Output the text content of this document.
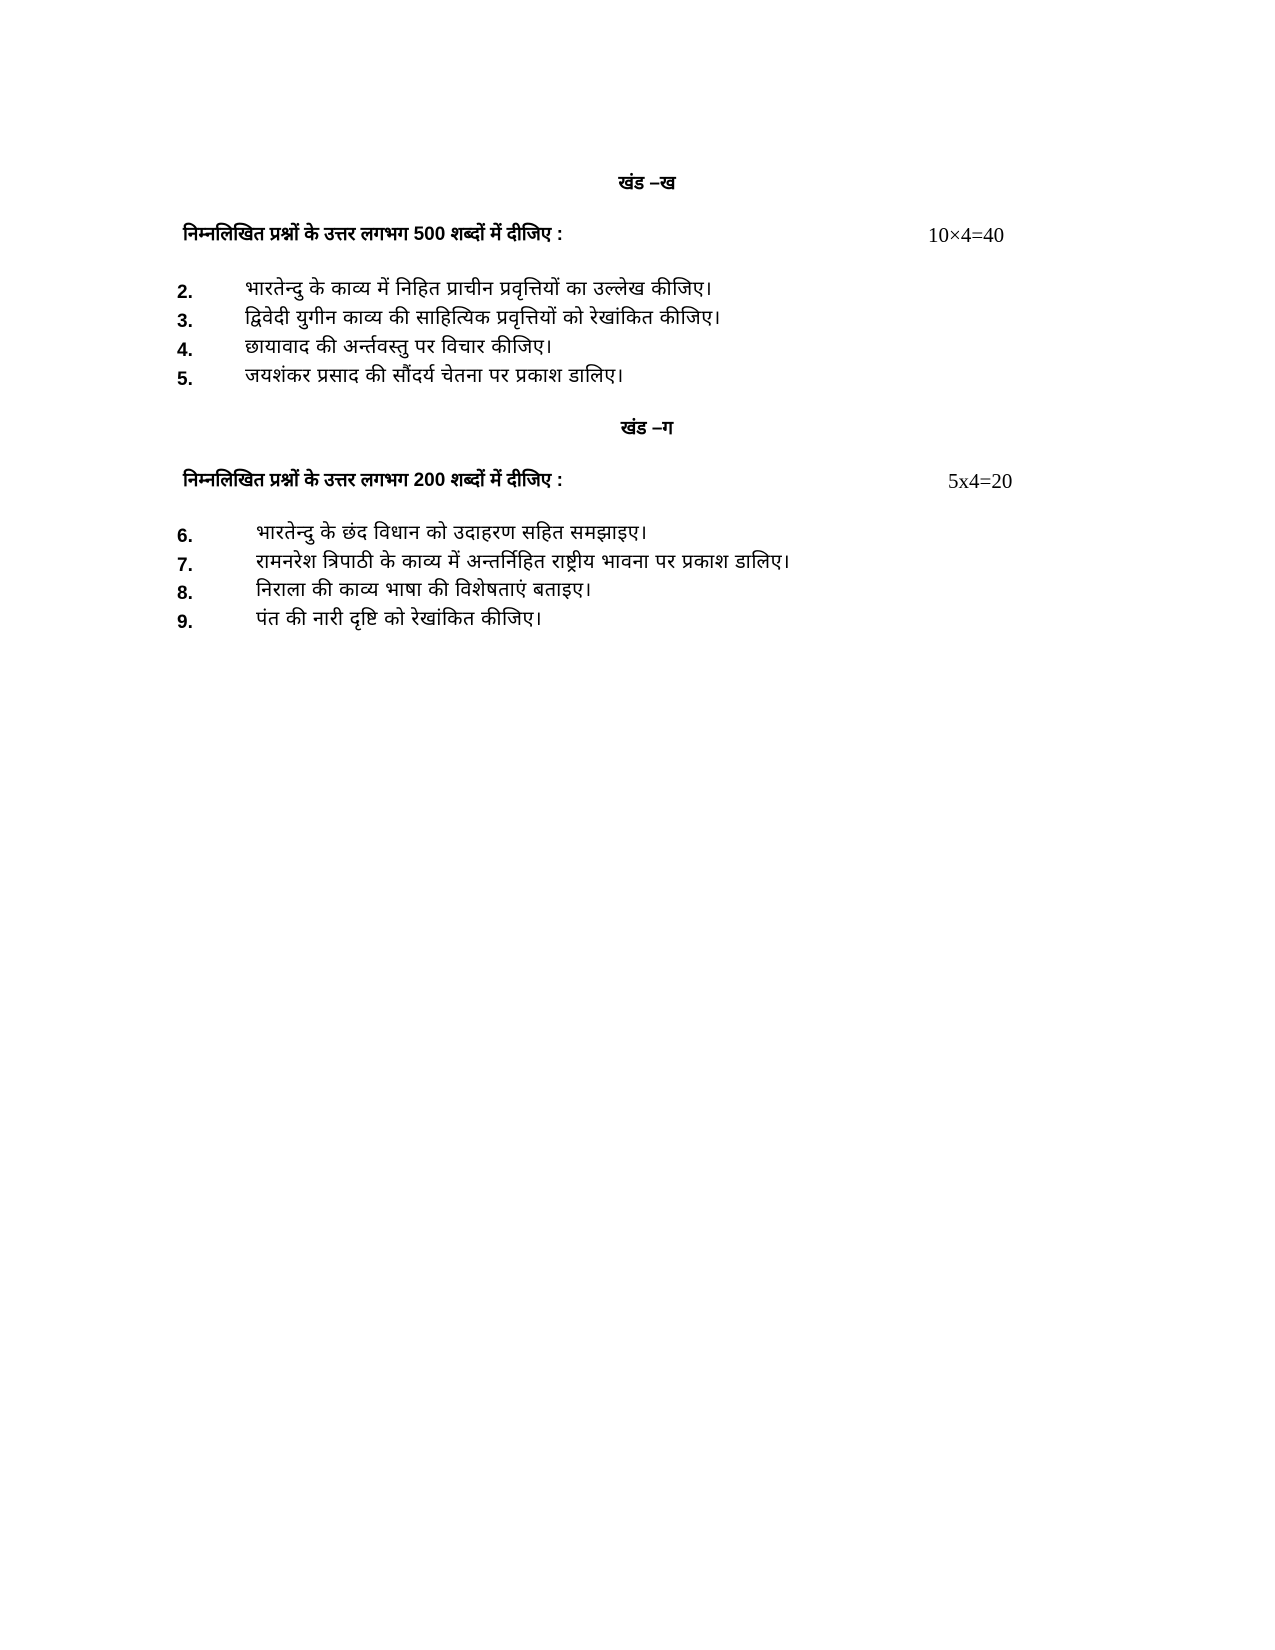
खंड –ख
निम्नलिखित प्रश्नों के उत्तर लगभग 500 शब्दों में दीजिए :	10×4=40
2.	भारतेन्दु के काव्य में निहित प्राचीन प्रवृत्तियों का उल्लेख कीजिए।
3.	द्विवेदी युगीन काव्य की साहित्यिक प्रवृत्तियों को रेखांकित कीजिए।
4.	छायावाद की अर्न्तवस्तु पर विचार कीजिए।
5.	जयशंकर प्रसाद की सौंदर्य चेतना पर प्रकाश डालिए।
खंड –ग
निम्नलिखित प्रश्नों के उत्तर लगभग 200 शब्दों में दीजिए :	5x4=20
6.	भारतेन्दु के छंद विधान को उदाहरण सहित समझाइए।
7.	रामनरेश त्रिपाठी के काव्य में अन्तर्निहित राष्ट्रीय भावना पर प्रकाश डालिए।
8.	निराला की काव्य भाषा की विशेषताएं बताइए।
9.	पंत की नारी दृष्टि को रेखांकित कीजिए।
